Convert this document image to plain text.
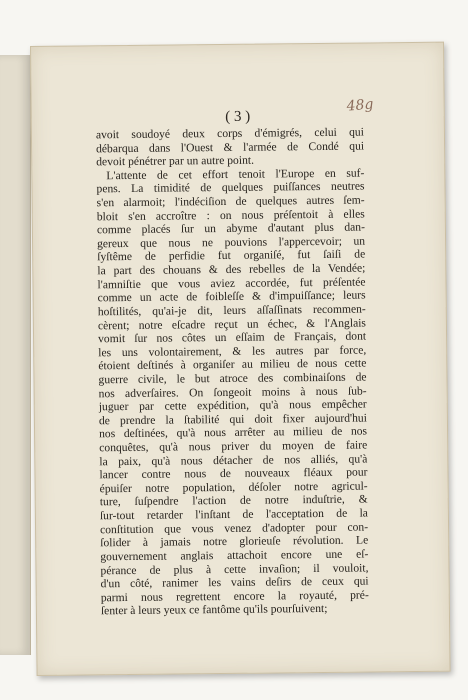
( 3 )
48g
avoit soudoyé deux corps d'émigrés, celui qui
débarqua dans l'Ouest & l'armée de Condé qui
devoit pénétrer par un autre point.
L'attente de cet effort tenoit l'Europe en suf-
pens. La timidité de quelques puiſſances neutres
s'en alarmoit; l'indéciſion de quelques autres ſem-
bloit s'en accroître : on nous préſentoit à elles
comme placés ſur un abyme d'autant plus dan-
gereux que nous ne pouvions l'appercevoir; un
ſyſtême de perfidie fut organiſé, fut ſaiſi de
la part des chouans & des rebelles de la Vendée;
l'amniſtie que vous aviez accordée, fut préſentée
comme un acte de foibleſſe & d'impuiſſance; leurs
hoſtilités, qu'ai-je dit, leurs aſſaſſinats recommen-
cèrent; notre eſcadre reçut un échec, & l'Anglais
vomit ſur nos côtes un eſſaim de Français, dont
les uns volontairement, & les autres par force,
étoient deſtinés à organiſer au milieu de nous cette
guerre civile, le but atroce des combinaiſons de
nos adverſaires. On ſongeoit moins à nous ſub-
juguer par cette expédition, qu'à nous empêcher
de prendre la ſtabilité qui doit fixer aujourd'hui
nos deſtinées, qu'à nous arrêter au milieu de nos
conquêtes, qu'à nous priver du moyen de faire
la paix, qu'à nous détacher de nos alliés, qu'à
lancer contre nous de nouveaux fléaux pour
épuiſer notre population, déſoler notre agricul-
ture, ſuſpendre l'action de notre induſtrie, &
ſur-tout retarder l'inſtant de l'acceptation de la
conſtitution que vous venez d'adopter pour con-
ſolider à jamais notre glorieuſe révolution. Le
gouvernement anglais attachoit encore une eſ-
pérance de plus à cette invaſion; il vouloit,
d'un côté, ranimer les vains deſirs de ceux qui
parmi nous regrettent encore la royauté, pré-
ſenter à leurs yeux ce fantôme qu'ils pourſuivent;
